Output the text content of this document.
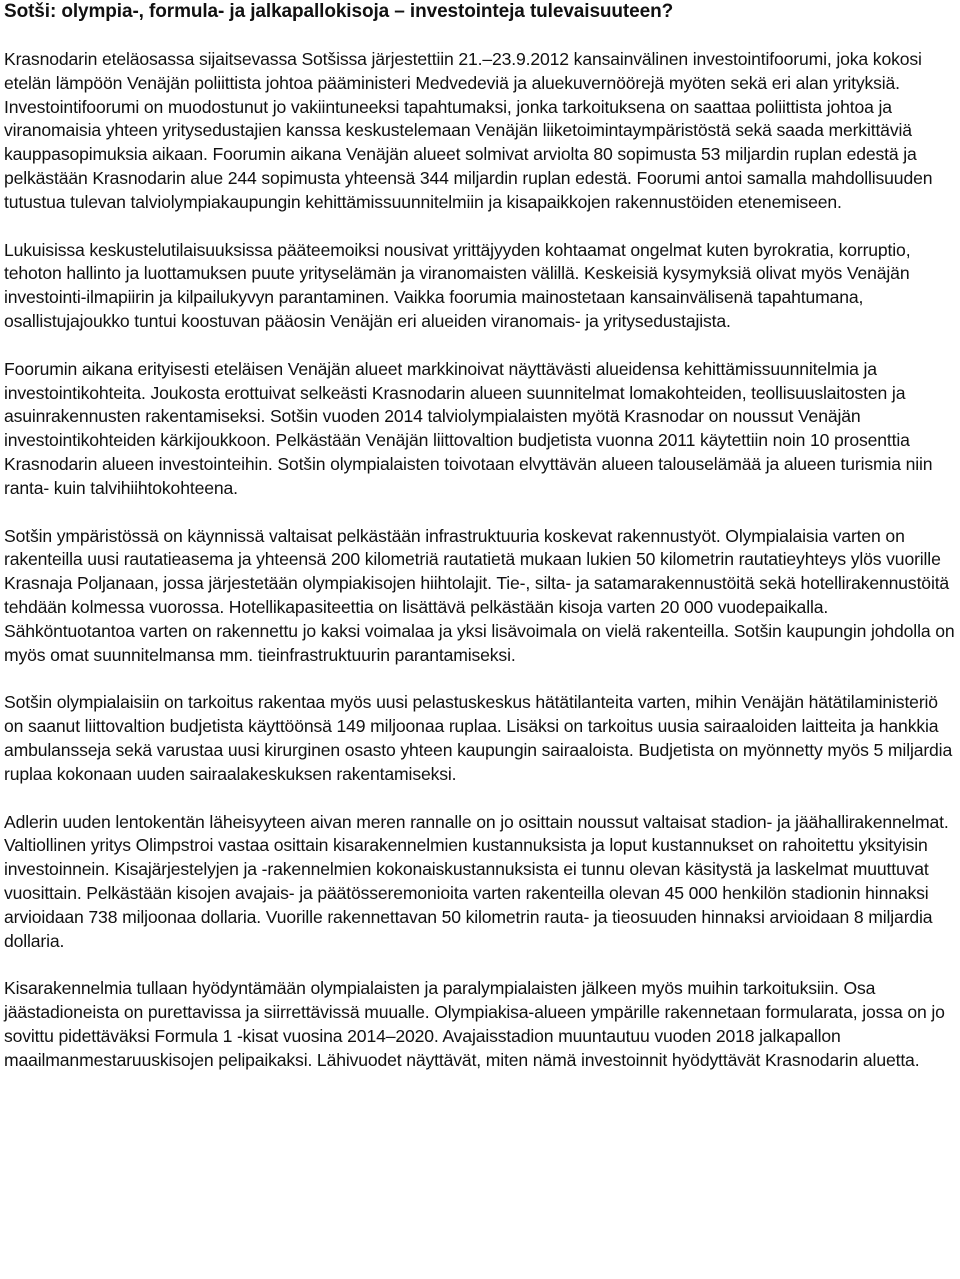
Sotši: olympia-, formula- ja jalkapallokisoja – investointeja tulevaisuuteen?

Krasnodarin eteläosassa sijaitsevassa Sotšissa järjestettiin 21.–23.9.2012 kansainvälinen investointifoorumi, joka kokosi etelän lämpöön Venäjän poliittista johtoa pääministeri Medvedeviä ja aluekuvernöörejä myöten sekä eri alan yrityksiä. Investointifoorumi on muodostunut jo vakiintuneeksi tapahtumaksi, jonka tarkoituksena on saattaa poliittista johtoa ja viranomaisia yhteen yritysedustajien kanssa keskustelemaan Venäjän liiketoimintaympäristöstä sekä saada merkittäviä kauppasopimuksia aikaan. Foorumin aikana Venäjän alueet solmivat arviolta 80 sopimusta 53 miljardin ruplan edestä ja pelkästään Krasnodarin alue 244 sopimusta yhteensä 344 miljardin ruplan edestä. Foorumi antoi samalla mahdollisuuden tutustua tulevan talviolympiakaupungin kehittämissuunnitelmiin ja kisapaikkojen rakennustöiden etenemiseen.

Lukuisissa keskustelutilaisuuksissa pääteemoiksi nousivat yrittäjyyden kohtaamat ongelmat kuten byrokratia, korruptio, tehoton hallinto ja luottamuksen puute yrityselämän ja viranomaisten välillä. Keskeisiä kysymyksiä olivat myös Venäjän investointi-ilmapiirin ja kilpailukyvyn parantaminen. Vaikka foorumia mainostetaan kansainvälisenä tapahtumana, osallistujajoukko tuntui koostuvan pääosin Venäjän eri alueiden viranomais- ja yritysedustajista.

Foorumin aikana erityisesti eteläisen Venäjän alueet markkinoivat näyttävästi alueidensa kehittämissuunnitelmia ja investointikohteita. Joukosta erottuivat selkeästi Krasnodarin alueen suunnitelmat lomakohteiden, teollisuuslaitosten ja asuinrakennusten rakentamiseksi. Sotšin vuoden 2014 talviolympialaisten myötä Krasnodar on noussut Venäjän investointikohteiden kärkijoukkoon. Pelkästään Venäjän liittovaltion budjetista vuonna 2011 käytettiin noin 10 prosenttia Krasnodarin alueen investointeihin. Sotšin olympialaisten toivotaan elvyttävän alueen talouselämää ja alueen turismia niin ranta- kuin talvihiihtokohteena.

Sotšin ympäristössä on käynnissä valtaisat pelkästään infrastruktuuria koskevat rakennustyöt. Olympialaisia varten on rakenteilla uusi rautatieasema ja yhteensä 200 kilometriä rautatietä mukaan lukien 50 kilometrin rautatieyhteys ylös vuorille Krasnaja Poljanaan, jossa järjestetään olympiakisojen hiihtolajit. Tie-, silta- ja satamarakennustöitä sekä hotellirakennustöitä tehdään kolmessa vuorossa. Hotellikapasiteettia on lisättävä pelkästään kisoja varten 20 000 vuodepaikalla. Sähköntuotantoa varten on rakennettu jo kaksi voimalaa ja yksi lisävoimala on vielä rakenteilla. Sotšin kaupungin johdolla on myös omat suunnitelmansa mm. tieinfrastruktuurin parantamiseksi.

Sotšin olympialaisiin on tarkoitus rakentaa myös uusi pelastuskeskus hätätilanteita varten, mihin Venäjän hätätilaministeriö on saanut liittovaltion budjetista käyttöönsä 149 miljoonaa ruplaa. Lisäksi on tarkoitus uusia sairaaloiden laitteita ja hankkia ambulansseja sekä varustaa uusi kirurginen osasto yhteen kaupungin sairaaloista. Budjetista on myönnetty myös 5 miljardia ruplaa kokonaan uuden sairaalakeskuksen rakentamiseksi.

Adlerin uuden lentokentän läheisyyteen aivan meren rannalle on jo osittain noussut valtaisat stadion- ja jäähallirakennelmat. Valtiollinen yritys Olimpstroi vastaa osittain kisarakennelmien kustannuksista ja loput kustannukset on rahoitettu yksityisin investoinnein. Kisajärjestelyjen ja -rakennelmien kokonaiskustannuksista ei tunnu olevan käsitystä ja laskelmat muuttuvat vuosittain. Pelkästään kisojen avajais- ja päätösseremonioita varten rakenteilla olevan 45 000 henkilön stadionin hinnaksi arvioidaan 738 miljoonaa dollaria. Vuorille rakennettavan 50 kilometrin rauta- ja tieosuuden hinnaksi arvioidaan 8 miljardia dollaria.

Kisarakennelmia tullaan hyödyntämään olympialaisten ja paralympialaisten jälkeen myös muihin tarkoituksiin. Osa jäästadioneista on purettavissa ja siirrettävissä muualle. Olympiakisa-alueen ympärille rakennetaan formularata, jossa on jo sovittu pidettäväksi Formula 1 -kisat vuosina 2014–2020. Avajaisstadion muuntautuu vuoden 2018 jalkapallon maailmanmestaruuskisojen pelipaikaksi. Lähivuodet näyttävät, miten nämä investoinnit hyödyttävät Krasnodarin aluetta.
